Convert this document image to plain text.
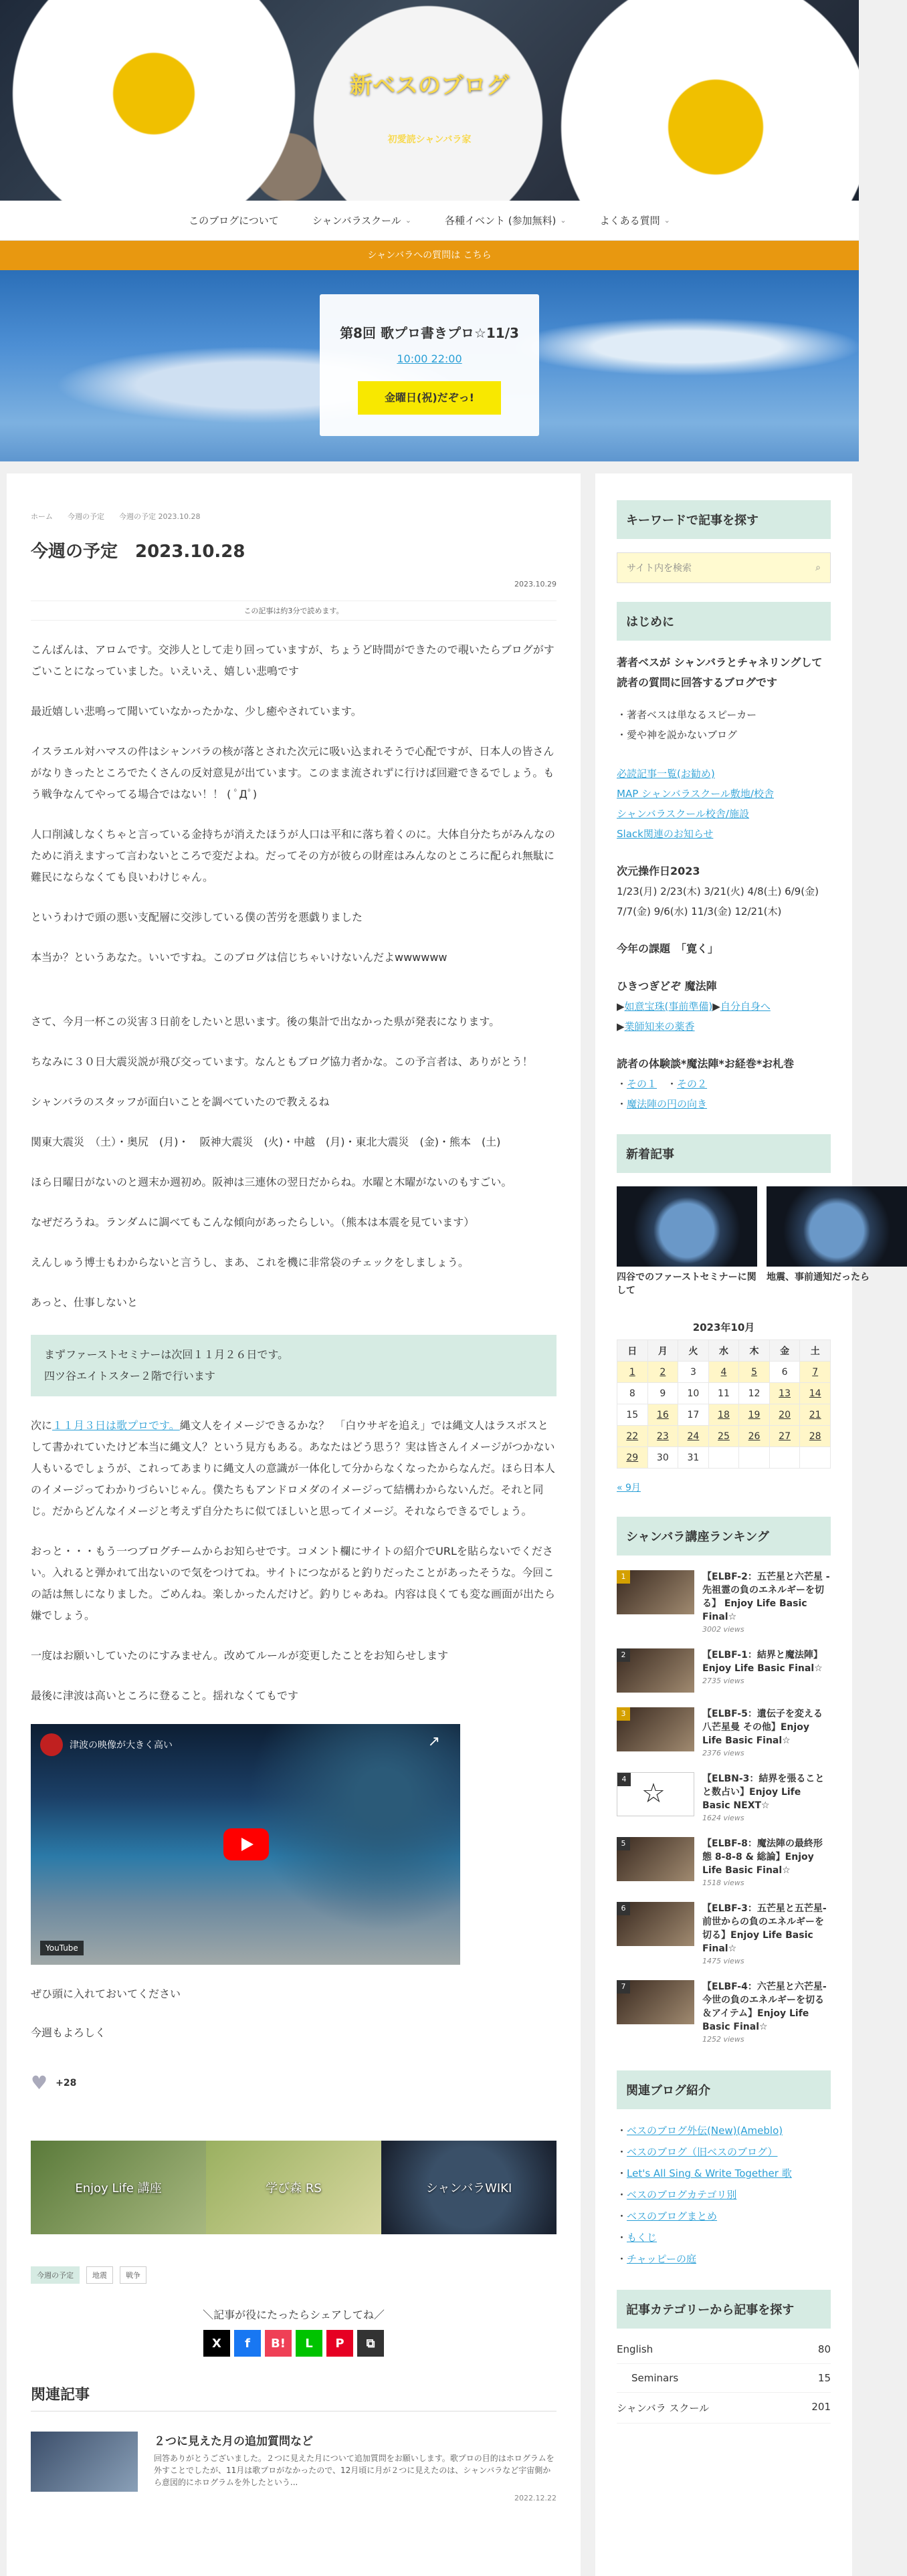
新ベスのブログ
初愛読シャンバラ家
このブログについて	シャンバラスクール ⌄	各種イベント (参加無料) ⌄	よくある質問 ⌄
シャンバラへの質問は こちら
第8回 歌プロ書きプロ☆11/3
10:00 22:00
金曜日(祝)だぞっ!
ホーム 今週の予定 今週の予定 2023.10.28
今週の予定　2023.10.28
2023.10.29
この記事は約3分で読めます。

こんばんは、アロムです。交渉人として走り回っていますが、ちょうど時間ができたので覗いたらブログがすごいことになっていました。いえいえ、嬉しい悲鳴です

最近嬉しい悲鳴って聞いていなかったかな、少し癒やされています。

イスラエル対ハマスの件はシャンバラの核が落とされた次元に吸い込まれそうで心配ですが、日本人の皆さんがなりきったところでたくさんの反対意見が出ています。このまま流されずに行けば回避できるでしょう。もう戦争なんてやってる場合ではない！！ ( ﾟДﾟ)

人口削減しなくちゃと言っている金持ちが消えたほうが人口は平和に落ち着くのに。大体自分たちがみんなのために消えますって言わないところで変だよね。だってその方が彼らの財産はみんなのところに配られ無駄に難民にならなくても良いわけじゃん。

というわけで頭の悪い支配層に交渉している僕の苦労を悪戯りました

本当か？というあなた。いいですね。このブログは信じちゃいけないんだよwwwwww

さて、今月一杯この災害３日前をしたいと思います。後の集計で出なかった県が発表になります。

ちなみに３０日大震災説が飛び交っています。なんともブログ協力者かな。この予言者は、ありがとう！

シャンバラのスタッフが面白いことを調べていたので教えるね

関東大震災　（土）・奥尻　(月)・　阪神大震災　(火)・中越　(月)・東北大震災　(金)・熊本　(土)

ほら日曜日がないのと週末か週初め。阪神は三連休の翌日だからね。水曜と木曜がないのもすごい。

なぜだろうね。ランダムに調べてもこんな傾向があったらしい。（熊本は本震を見ています）

えんしゅう博士もわからないと言うし、まあ、これを機に非常袋のチェックをしましょう。

あっと、仕事しないと

まずファーストセミナーは次回１１月２６日です。
四ツ谷エイトスター２階で行います

次に１１月３日は歌プロです。縄文人をイメージできるかな？　「白ウサギを追え」では縄文人はラスボスとして書かれていたけど本当に縄文人？という見方もある。あなたはどう思う？実は皆さんイメージがつかない人もいるでしょうが、これってあまりに縄文人の意識が一体化して分からなくなったからなんだ。ほら日本人のイメージってわかりづらいじゃん。僕たちもアンドロメダのイメージって結構わからないんだ。それと同じ。だからどんなイメージと考えず自分たちに似てほしいと思ってイメージ。それならできるでしょう。

おっと・・・もう一つブログチームからお知らせです。コメント欄にサイトの紹介でURLを貼らないでください。入れると弾かれて出ないので気をつけてね。サイトにつながると釣りだったことがあったそうな。今回この話は無しになりました。ごめんね。楽しかったんだけど。釣りじゃあね。内容は良くても変な画面が出たら嫌でしょう。

一度はお願いしていたのにすみません。改めてルールが変更したことをお知らせします

最後に津波は高いところに登ること。揺れなくてもです

津波の映像が大きく高い	↗
YouTube

ぜひ頭に入れておいてください

今週もよろしく

♥ +28
Enjoy Life 講座	学び森 RS	シャンバラWIKI
今週の予定	地震	戦争
＼記事が役にたったらシェアしてね／
X	f	B!	L	P	⧉
関連記事
２つに見えた月の追加質問など
回答ありがとうございました。２つに見えた月について追加質問をお願いします。歌プロの目的はホログラムを外すことでしたが、11月は歌プロがなかったので、12月頃に月が２つに見えたのは、シャンバラなど宇宙側から意図的にホログラムを外したという...
2022.12.22
キーワードで記事を探す
サイト内を検索	⌕
はじめに
著者ベスが シャンバラとチャネリングして 読者の質問に回答するブログです
・著者ベスは単なるスピーカー
・愛や神を説かないブログ
必読記事一覧(お勧め)
MAP シャンバラスクール敷地/校舎
シャンバラスクール校舎/施設
Slack関連のお知らせ
次元操作日2023
1/23(月) 2/23(木) 3/21(火) 4/8(土) 6/9(金) 7/7(金) 9/6(水) 11/3(金) 12/21(木)
今年の課題　「寛く」
ひきつぎどぞ 魔法陣
▶如意宝珠(事前準備)▶自分自身へ
▶業師知来の薬香
読者の体験談*魔法陣*お経巻*お札巻
・その１　・その２
・魔法陣の円の向き
新着記事
四谷でのファーストセミナーに関して
地震、事前通知だったら
2023年10月
日	月	火	水	木	金	土
1	2	3	4	5	6	7
8	9	10	11	12	13	14
15	16	17	18	19	20	21
22	23	24	25	26	27	28
29	30	31				
« 9月
シャンバラ講座ランキング
1	【ELBF-2：五芒星と六芒星 -先祖霊の負のエネルギーを切る】 Enjoy Life Basic Final☆
3002 views
2	【ELBF-1：結界と魔法陣】 Enjoy Life Basic Final☆
2735 views
3	【ELBF-5：遺伝子を変える八芒星曼 その他】Enjoy Life Basic Final☆
2376 views
4 ☆	【ELBN-3：結界を張ることと数占い】Enjoy Life Basic NEXT☆
1624 views
5	【ELBF-8：魔法陣の最終形態 8-8-8 & 総論】Enjoy Life Basic Final☆
1518 views
6	【ELBF-3：五芒星と五芒星-前世からの負のエネルギーを切る】Enjoy Life Basic Final☆
1475 views
7	【ELBF-4：六芒星と六芒星-今世の負のエネルギーを切る＆アイテム】Enjoy Life Basic Final☆
1252 views
関連ブログ紹介
・ベスのブログ外伝(New)(Ameblo)
・ベスのブログ（旧ベスのブログ）
・Let's All Sing & Write Together 歌
・ベスのブログカテゴリ別
・ベスのブログまとめ
・もくじ
・チャッピーの庭
記事カテゴリーから記事を探す
English	80
Seminars	15
シャンバラ スクール	201
